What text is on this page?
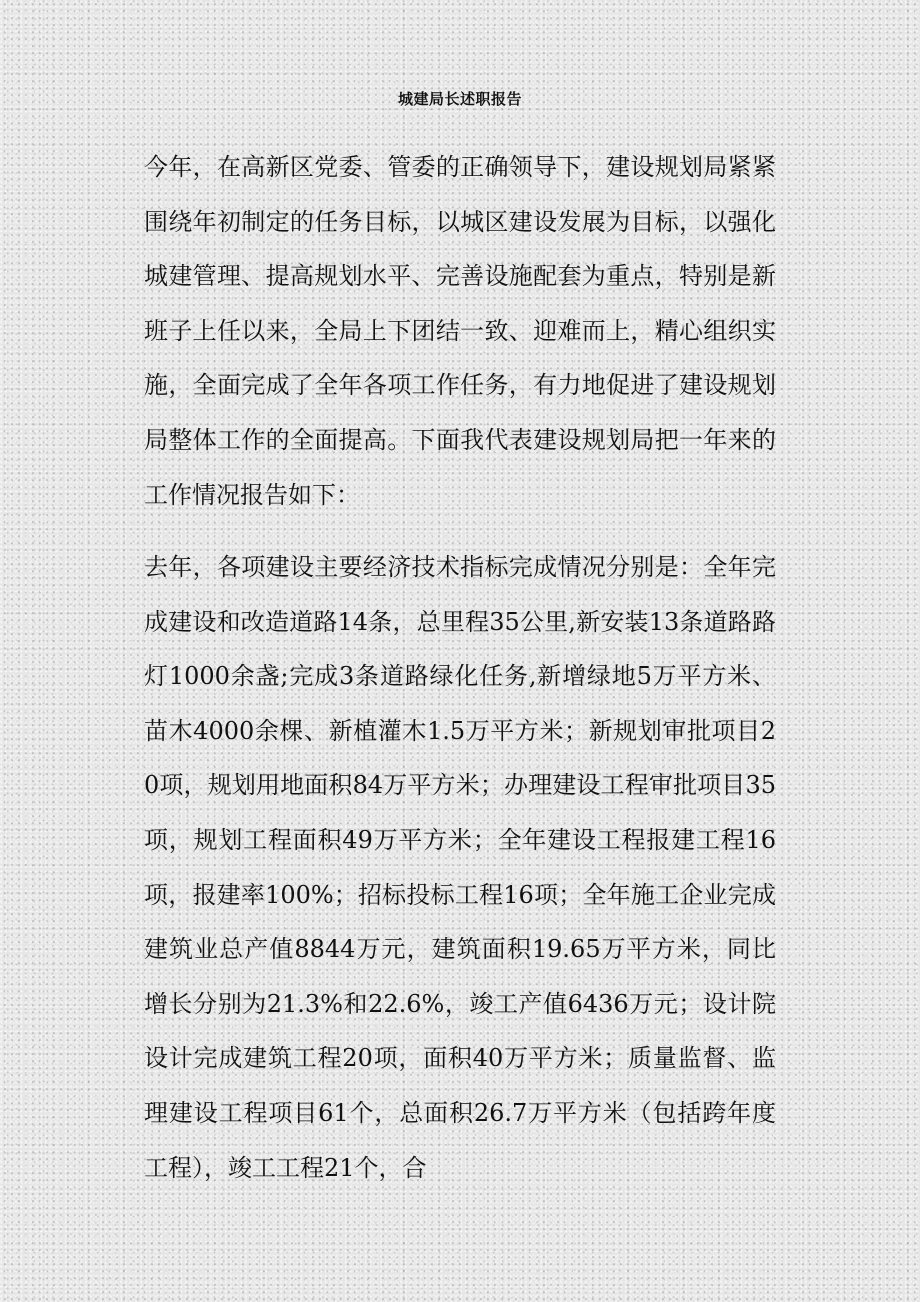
城建局长述职报告

今年，在高新区党委、管委的正确领导下，建设规划局紧紧围绕年初制定的任务目标，以城区建设发展为目标，以强化城建管理、提高规划水平、完善设施配套为重点，特别是新班子上任以来，全局上下团结一致、迎难而上，精心组织实施，全面完成了全年各项工作任务，有力地促进了建设规划局整体工作的全面提高。下面我代表建设规划局把一年来的工作情况报告如下：

去年，各项建设主要经济技术指标完成情况分别是：全年完成建设和改造道路14条，总里程35公里,新安装13条道路路灯1000余盏;完成3条道路绿化任务,新增绿地5万平方米、苗木4000余棵、新植灌木1.5万平方米；新规划审批项目20项，规划用地面积84万平方米；办理建设工程审批项目35项，规划工程面积49万平方米；全年建设工程报建工程16项，报建率100%；招标投标工程16项；全年施工企业完成建筑业总产值8844万元，建筑面积19.65万平方米，同比增长分别为21.3%和22.6%，竣工产值6436万元；设计院设计完成建筑工程20项，面积40万平方米；质量监督、监理建设工程项目61个，总面积26.7万平方米（包括跨年度工程），竣工工程21个，合
